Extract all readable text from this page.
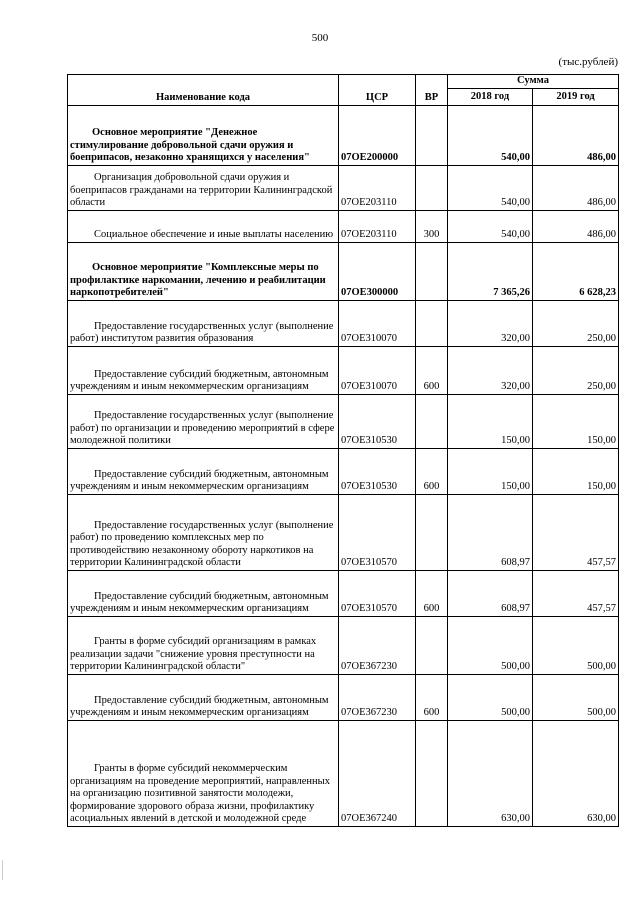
500
(тыс.рублей)
Наименование кода	ЦСР	ВР	Сумма	
			2018 год	2019 год
Основное мероприятие "Денежное стимулирование добровольной сдачи оружия и боеприпасов, незаконно хранящихся у населения"	07ОЕ200000		540,00	486,00
Организация добровольной сдачи оружия и боеприпасов гражданами на территории Калининградской области	07ОЕ203110		540,00	486,00
Социальное обеспечение и иные выплаты населению	07ОЕ203110	300	540,00	486,00
Основное мероприятие "Комплексные меры по профилактике наркомании, лечению и реабилитации наркопотребителей"	07ОЕ300000		7 365,26	6 628,23
Предоставление государственных услуг (выполнение работ) институтом развития образования	07ОЕ310070		320,00	250,00
Предоставление субсидий бюджетным, автономным учреждениям и иным некоммерческим организациям	07ОЕ310070	600	320,00	250,00
Предоставление государственных услуг (выполнение работ) по организации и проведению мероприятий в сфере молодежной политики	07ОЕ310530		150,00	150,00
Предоставление субсидий бюджетным, автономным учреждениям и иным некоммерческим организациям	07ОЕ310530	600	150,00	150,00
Предоставление государственных услуг (выполнение работ) по проведению комплексных мер по противодействию незаконному обороту наркотиков на территории Калининградской области	07ОЕ310570		608,97	457,57
Предоставление субсидий бюджетным, автономным учреждениям и иным некоммерческим организациям	07ОЕ310570	600	608,97	457,57
Гранты в форме субсидий организациям в рамках реализации задачи "снижение уровня преступности на территории Калининградской области"	07ОЕ367230		500,00	500,00
Предоставление субсидий бюджетным, автономным учреждениям и иным некоммерческим организациям	07ОЕ367230	600	500,00	500,00
Гранты в форме субсидий некоммерческим организациям на проведение мероприятий, направленных на организацию позитивной занятости молодежи, формирование здорового образа жизни, профилактику асоциальных явлений в детской и молодежной среде	07ОЕ367240		630,00	630,00
